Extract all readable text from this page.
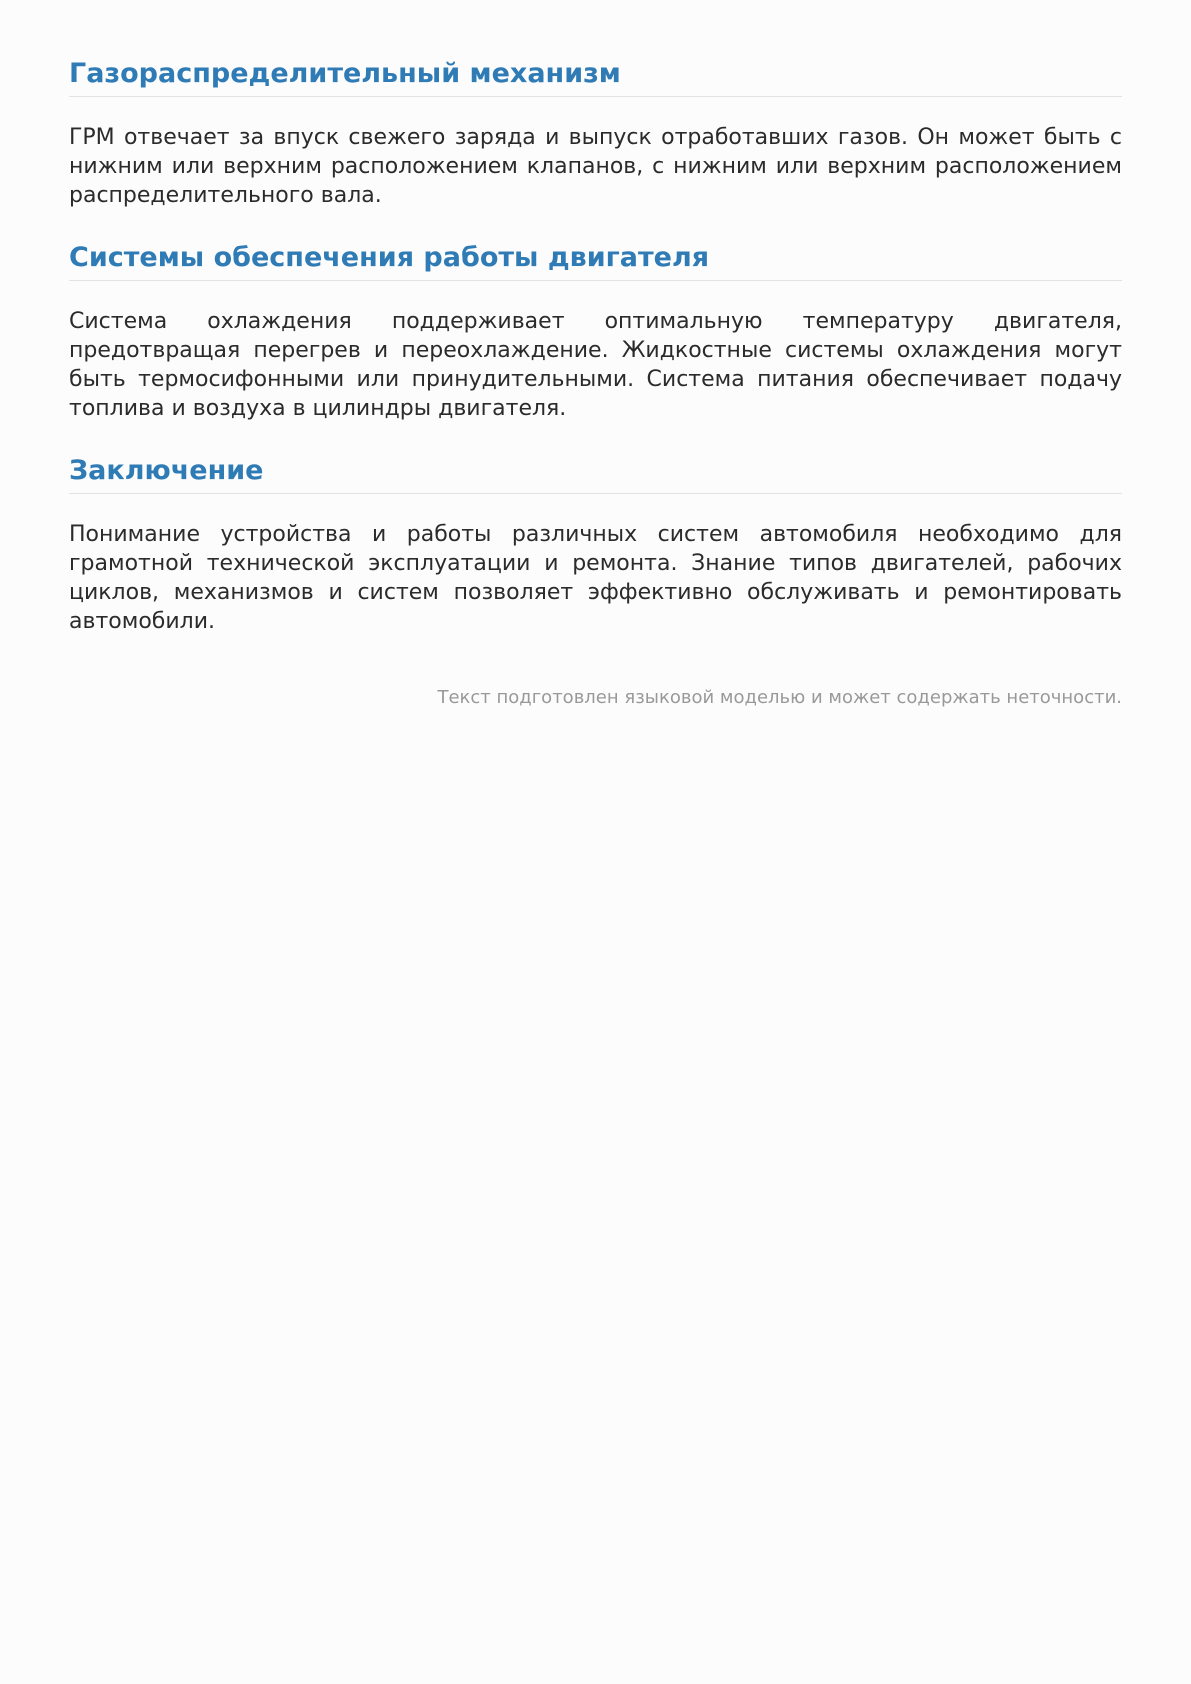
Газораспределительный механизм

ГРМ отвечает за впуск свежего заряда и выпуск отработавших газов. Он может быть с нижним или верхним расположением клапанов, с нижним или верхним расположением распределительного вала.

Системы обеспечения работы двигателя

Система охлаждения поддерживает оптимальную температуру двигателя, предотвращая перегрев и переохлаждение. Жидкостные системы охлаждения могут быть термосифонными или принудительными. Система питания обеспечивает подачу топлива и воздуха в цилиндры двигателя.

Заключение

Понимание устройства и работы различных систем автомобиля необходимо для грамотной технической эксплуатации и ремонта. Знание типов двигателей, рабочих циклов, механизмов и систем позволяет эффективно обслуживать и ремонтировать автомобили.

Текст подготовлен языковой моделью и может содержать неточности.
